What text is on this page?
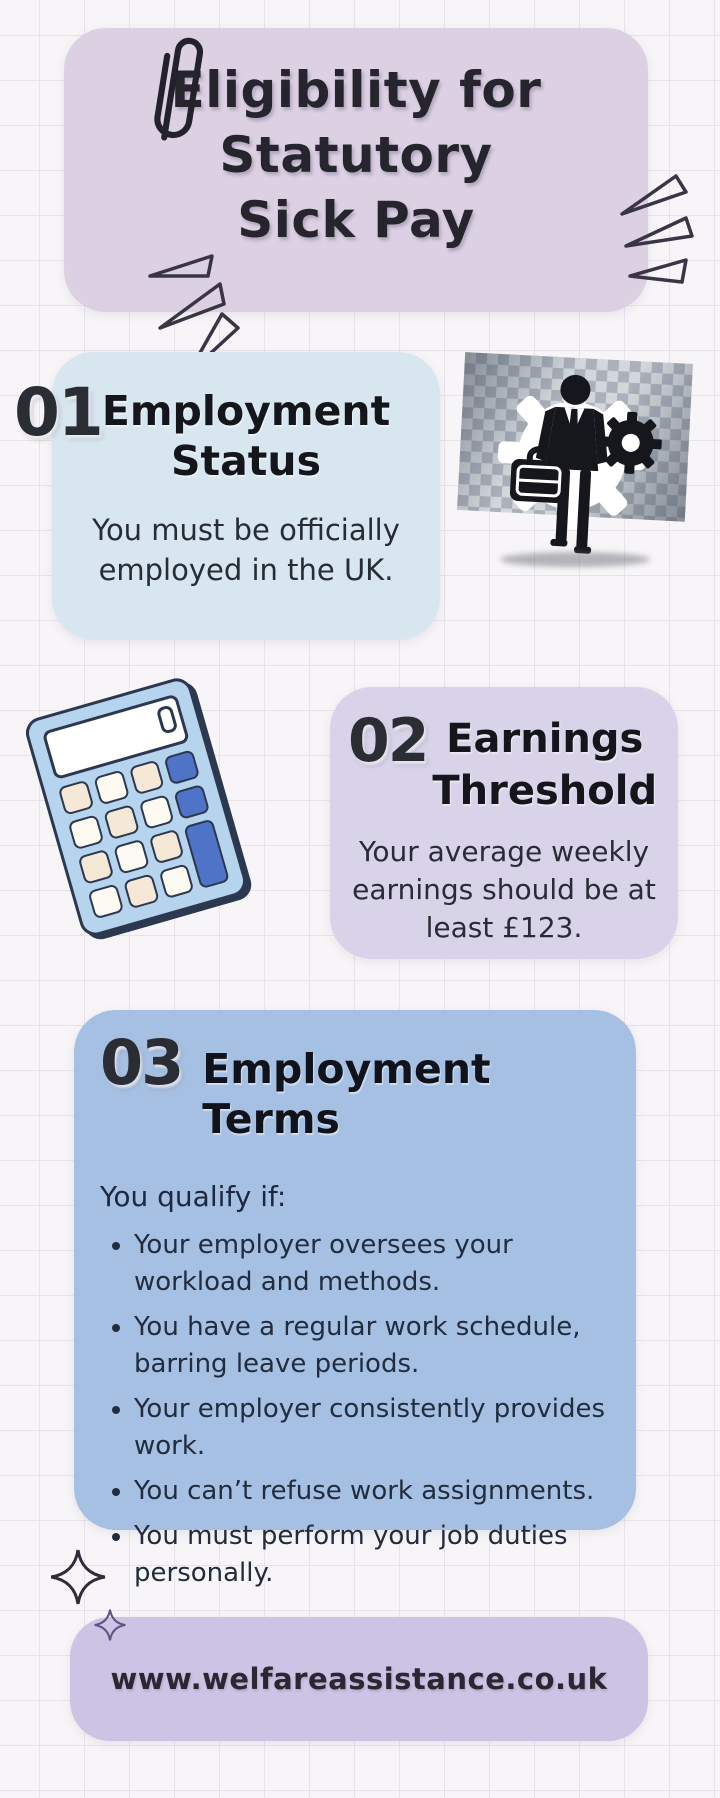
Eligibility for
Statutory
Sick Pay
Employment
Status
You must be officially employed in the UK.
01
02 Earnings
Threshold
Your average weekly earnings should be at least £123.
03 Employment Terms
You qualify if:
• Your employer oversees your workload and methods.
• You have a regular work schedule, barring leave periods.
• Your employer consistently provides work.
• You can’t refuse work assignments.
• You must perform your job duties personally.
www.welfareassistance.co.uk
